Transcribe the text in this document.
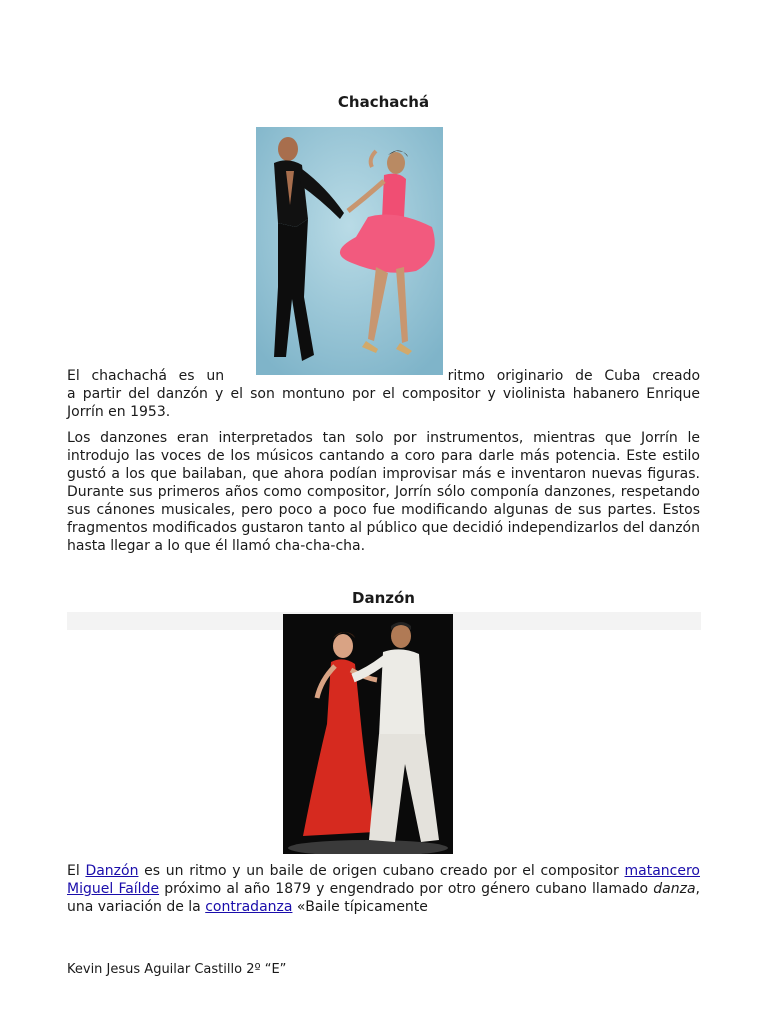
Chachachá

El chachachá es un	ritmo originario de Cuba creado

a partir del danzón y el son montuno por el compositor y violinista habanero Enrique Jorrín en 1953.

Los danzones eran interpretados tan solo por instrumentos, mientras que Jorrín le introdujo las voces de los músicos cantando a coro para darle más potencia. Este estilo gustó a los que bailaban, que ahora podían improvisar más e inventaron nuevas figuras. Durante sus primeros años como compositor, Jorrín sólo componía danzones, respetando sus cánones musicales, pero poco a poco fue modificando algunas de sus partes. Estos fragmentos modificados gustaron tanto al público que decidió independizarlos del danzón hasta llegar a lo que él llamó cha-cha-cha.

Danzón

El Danzón es un ritmo y un baile de origen cubano creado por el compositor matancero Miguel Faílde próximo al año 1879 y engendrado por otro género cubano llamado danza, una variación de la contradanza «Baile típicamente

Kevin Jesus Aguilar Castillo 2º “E”
